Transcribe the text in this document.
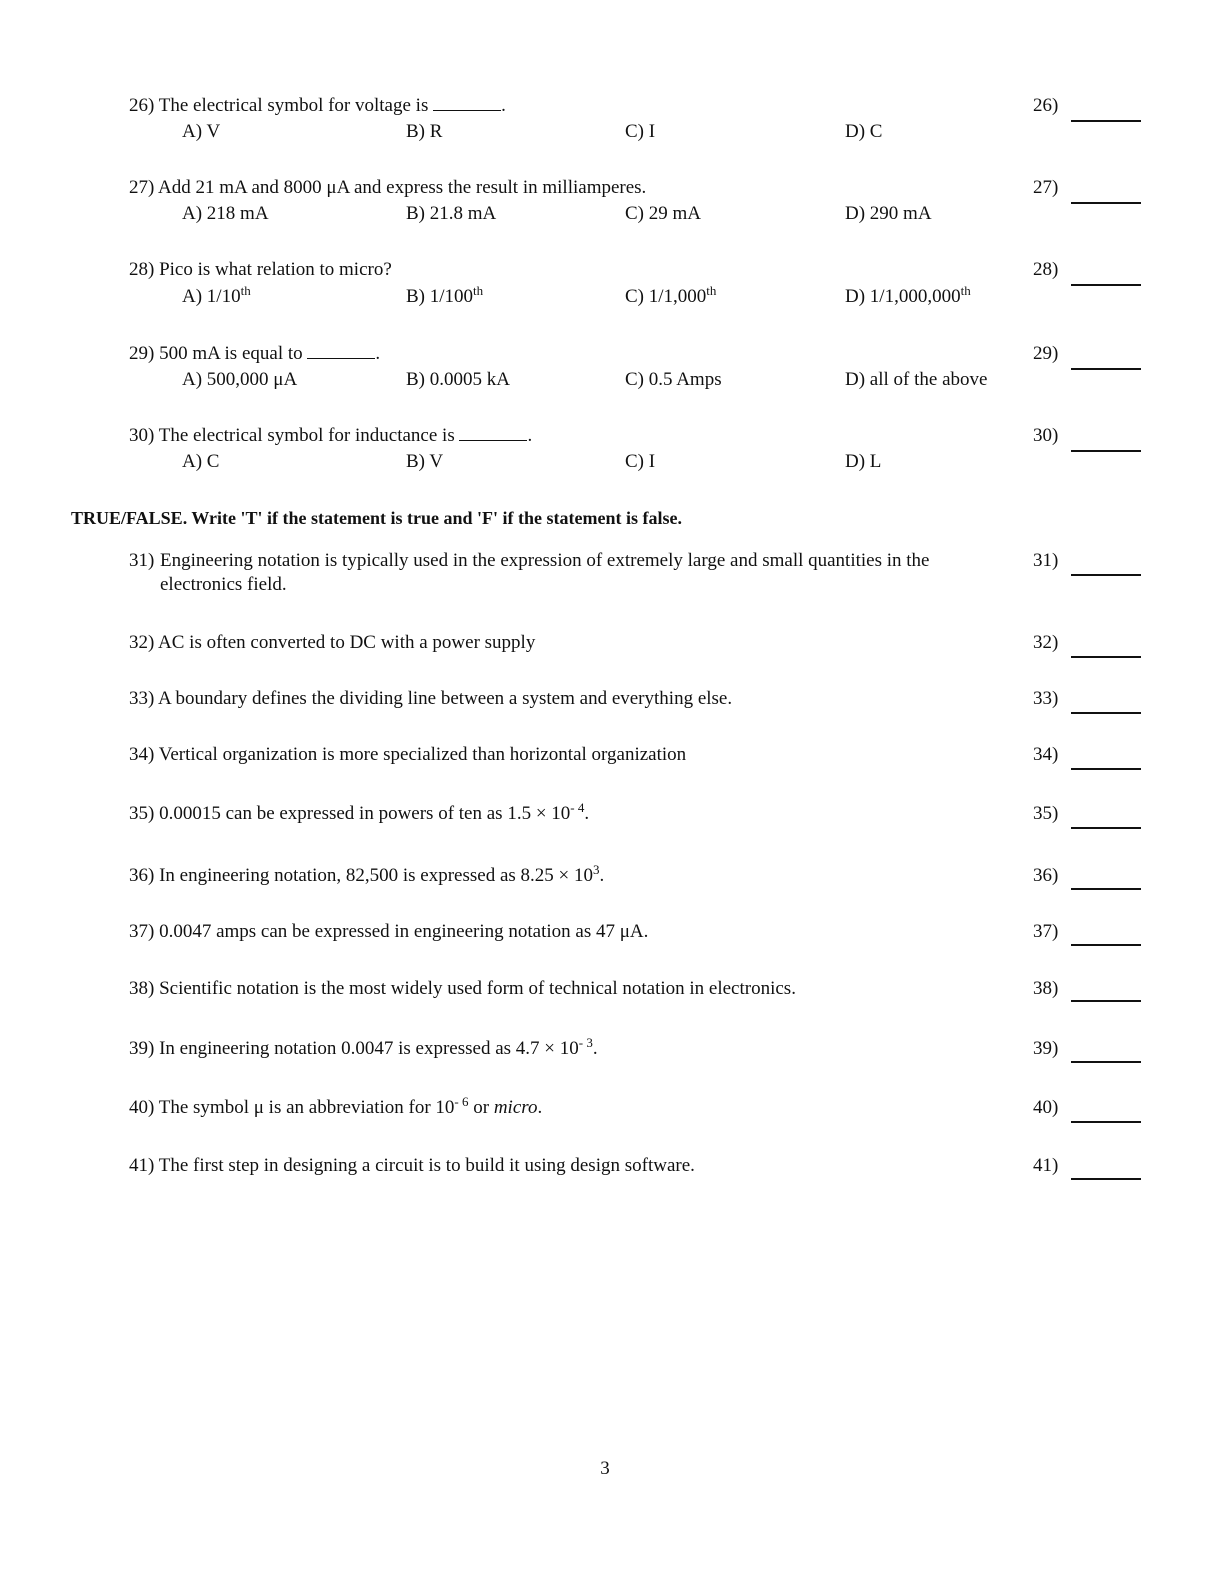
26) The electrical symbol for voltage is	.
A) V	B) R	C) I	D) C
26)
27) Add 21 mA and 8000 μA and express the result in milliamperes.
A) 218 mA	B) 21.8 mA	C) 29 mA	D) 290 mA
27)
28) Pico is what relation to micro?
A) 1/10th	B) 1/100th	C) 1/1,000th	D) 1/1,000,000th
28)
29) 500 mA is equal to	.
A) 500,000 μA	B) 0.0005 kA	C) 0.5 Amps	D) all of the above
29)
30) The electrical symbol for inductance is	.
A) C	B) V	C) I	D) L
30)
TRUE/FALSE. Write 'T' if the statement is true and 'F' if the statement is false.
31) Engineering notation is typically used in the expression of extremely large and small quantities in the electronics field.
31)
32) AC is often converted to DC with a power supply	32)
33) A boundary defines the dividing line between a system and everything else.	33)
34) Vertical organization is more specialized than horizontal organization	34)
35) 0.00015 can be expressed in powers of ten as $1.5 \times 10^{- 4}$.	35)
36) In engineering notation, 82,500 is expressed as $8.25 \times 10^3$.	36)
37) 0.0047 amps can be expressed in engineering notation as 47 μA.	37)
38) Scientific notation is the most widely used form of technical notation in electronics.	38)
39) In engineering notation 0.0047 is expressed as $4.7 \times 10^{- 3}$.	39)
40) The symbol μ is an abbreviation for $10^{- 6}$ or micro.	40)
41) The first step in designing a circuit is to build it using design software.	41)
3
